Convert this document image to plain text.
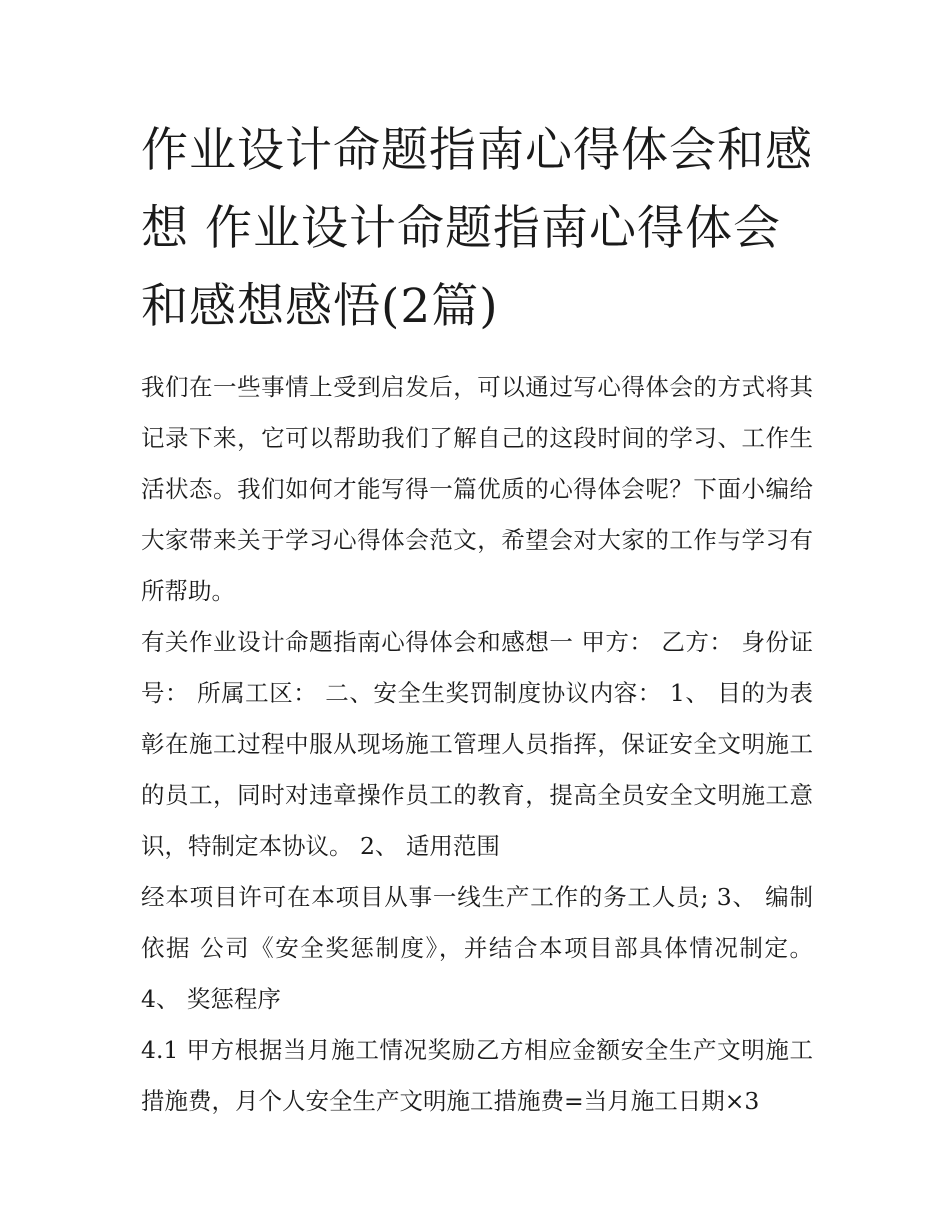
作业设计命题指南心得体会和感想 作业设计命题指南心得体会和感想感悟(2篇)

我们在一些事情上受到启发后，可以通过写心得体会的方式将其记录下来，它可以帮助我们了解自己的这段时间的学习、工作生活状态。我们如何才能写得一篇优质的心得体会呢？下面小编给大家带来关于学习心得体会范文，希望会对大家的工作与学习有所帮助。

有关作业设计命题指南心得体会和感想一 甲方： 乙方： 身份证号： 所属工区： 二、安全生奖罚制度协议内容： 1、 目的为表彰在施工过程中服从现场施工管理人员指挥，保证安全文明施工的员工，同时对违章操作员工的教育，提高全员安全文明施工意识，特制定本协议。 2、 适用范围

经本项目许可在本项目从事一线生产工作的务工人员; 3、 编制依据 公司《安全奖惩制度》，并结合本项目部具体情况制定。 4、 奖惩程序

4.1 甲方根据当月施工情况奖励乙方相应金额安全生产文明施工措施费，月个人安全生产文明施工措施费=当月施工日期×3
